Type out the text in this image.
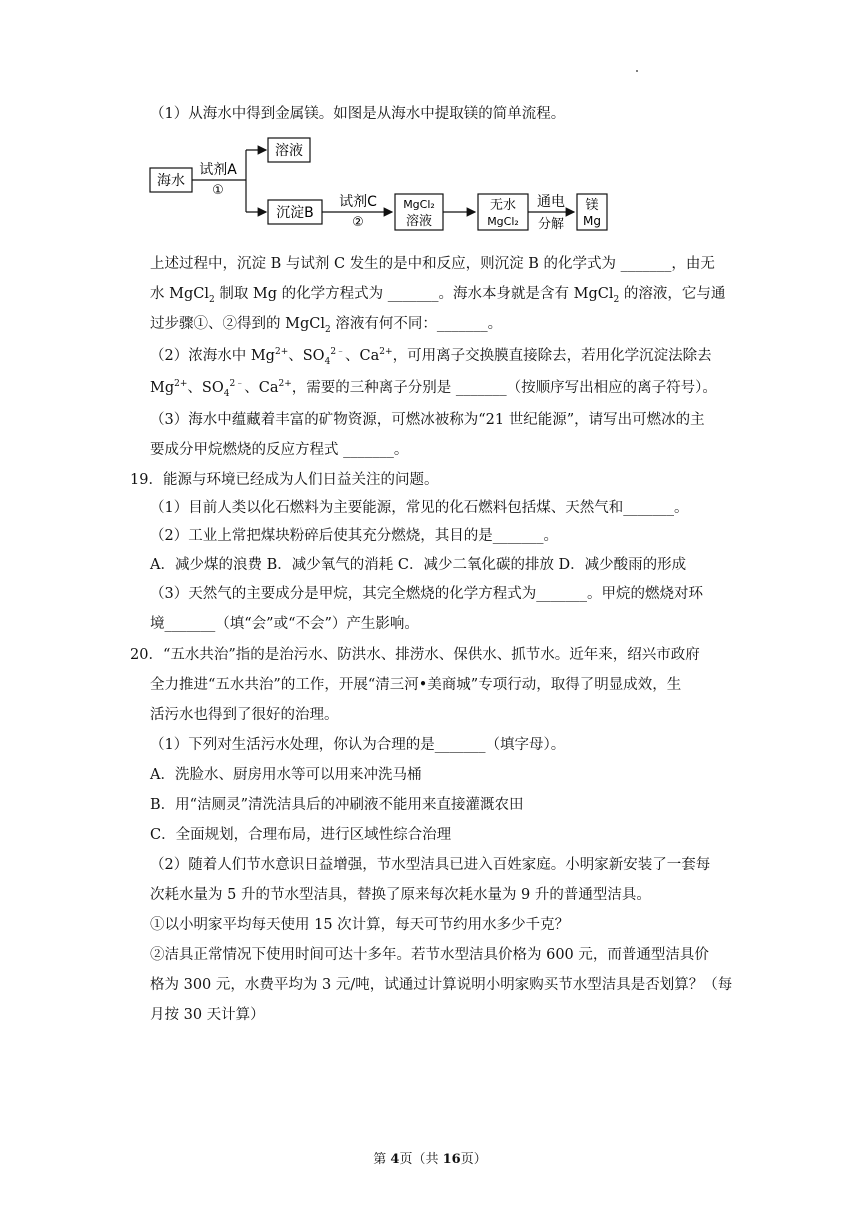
（1）从海水中得到金属镁。如图是从海水中提取镁的简单流程。
海水
试剂A
①
溶液
沉淀B
试剂C
②
MgCl₂
溶液
无水
MgCl₂
通电
分解
镁
Mg
上述过程中，沉淀 B 与试剂 C 发生的是中和反应，则沉淀 B 的化学式为 _______，由无
水 MgCl$_2$ 制取 Mg 的化学方程式为 _______。海水本身就是含有 MgCl$_2$ 的溶液，它与通
过步骤①、②得到的 MgCl$_2$ 溶液有何不同：_______。
（2）浓海水中 $Mg^{2+}$、$SO_4^{2﹣}$、$Ca^{2+}$，可用离子交换膜直接除去，若用化学沉淀法除去
$Mg^{2+}$、$SO_4^{2﹣}$、$Ca^{2+}$，需要的三种离子分别是 _______（按顺序写出相应的离子符号）。
（3）海水中蕴藏着丰富的矿物资源，可燃冰被称为“21 世纪能源”，请写出可燃冰的主
要成分甲烷燃烧的反应方程式 _______。
19．能源与环境已经成为人们日益关注的问题。
（1）目前人类以化石燃料为主要能源，常见的化石燃料包括煤、天然气和_______。
（2）工业上常把煤块粉碎后使其充分燃烧，其目的是_______。
A．减少煤的浪费 B．减少氧气的消耗 C．减少二氧化碳的排放 D．减少酸雨的形成
（3）天然气的主要成分是甲烷，其完全燃烧的化学方程式为_______。甲烷的燃烧对环
境_______（填“会”或“不会”）产生影响。
20．“五水共治”指的是治污水、防洪水、排涝水、保供水、抓节水。近年来，绍兴市政府
全力推进“五水共治”的工作，开展“清三河•美商城”专项行动，取得了明显成效，生
活污水也得到了很好的治理。
（1）下列对生活污水处理，你认为合理的是_______（填字母）。
A．洗脸水、厨房用水等可以用来冲洗马桶
B．用“洁厕灵”清洗洁具后的冲刷液不能用来直接灌溉农田
C．全面规划，合理布局，进行区域性综合治理
（2）随着人们节水意识日益增强，节水型洁具已进入百姓家庭。小明家新安装了一套每
次耗水量为 5 升的节水型洁具，替换了原来每次耗水量为 9 升的普通型洁具。
①以小明家平均每天使用 15 次计算，每天可节约用水多少千克？
②洁具正常情况下使用时间可达十多年。若节水型洁具价格为 600 元，而普通型洁具价
格为 300 元，水费平均为 3 元/吨，试通过计算说明小明家购买节水型洁具是否划算？（每
月按 30 天计算）
第 4页（共 16页）
